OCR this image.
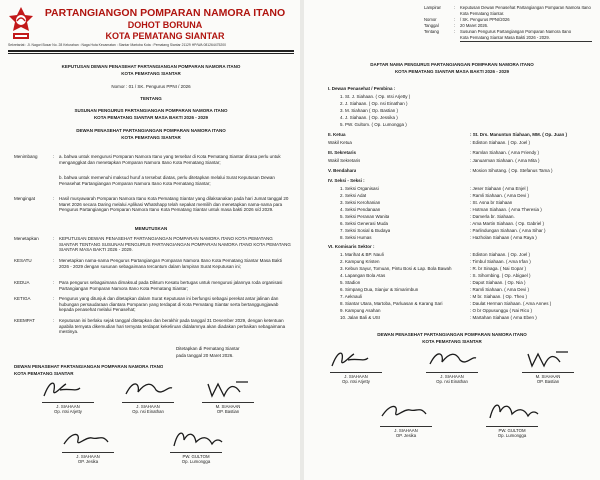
PARTANGIANGON POMPARAN NAMORA ITANO
DOHOT BORUNA
KOTA PEMATANG SIANTAR
Sekretariat : Jl. Nagori Bosar No. 28 Kelurahan : Naga Huta Kecamatan : Siantar Martoba Kota : Pematang Siantar 21129 HP/WA 081264475200
KEPUTUSAN DEWAN PENASEHAT PARTANGIANGAN POMPARAN NAMORA ITANO
KOTA PEMATANG SIANTAR
Nomor : 01 / SK. Pengurus PPNI / 2026
TENTANG
SUSUNAN PENGURUS PARTANGIANGAN POMPARAN NAMORA ITANO
KOTA PEMATANG SIANTAR MASA BAKTI 2026 - 2029
DEWAN PENASEHAT PARTANGIANGAN POMPARAN NAMORA ITANO
KOTA PEMATANG SIANTAR
Menimbang	: a. bahwa untuk mengurusi Pomparan Namora Itano yang tersebar di Kota Pematang Siantar dirasa perlu untuk menganggkat dan menetapkan Pomparan Namora Itano Kota Pematang Siantar;
b. bahwa untuk memenuhi maksud huruf a tersebut diatas, perlu ditetapkan melalui Surat Keputusan Dewan Penasehat Partangiangan Pomparan Namora Itano Kota Pematang Siantar;
Mengingat	: Hasil musyawarah Pomparan Namora Itano Kota Pematang Siantar yang dilaksanakan pada hari Jumat tanggal 20 Maret 2026 secara Daring melalui Aplikasi Whatshapp telah sepakat memilih dan menetapkan nama-nama para Pengurus Partangiangan Pomparan Namora Itano Kota Pematang Siantar untuk masa bakti 2026 s/d 2029.
MEMUTUSKAN
Menetapkan	: KEPUTUSAN DEWAN PENASEHAT PARTANGIANGAN POMPARAN NAMORA ITANO KOTA PEMATANG SIANTAR TENTANG SUSUNAN PENGURUS PARTANGIANGAN POMPARAN NAMORA ITANO KOTA PEMATANG SIANTAR MASA BAKTI 2026 - 2029.
KESATU	: Menetapkan nama-nama Pengurus Partangiangan Pomparan Namora Itano Kota Pematang Siantar Masa Bakti 2026 - 2029 dengan susunan sebagaimana tercantum dalam lampiran Surat Keputusan ini;
KEDUA	: Para pengurus sebagaimana dimaksud pada Diktum Kesatu bertugas untuk mengurusi jalannya roda organisasi Partangiangan Pomparan Namora Itano Kota Pematang Siantar;
KETIGA	: Pengurus yang ditunjuk dan ditetapkan dalam Surat Keputusan ini berfungsi sebagai perekat antar jalinan dan hubungan persaudaraan diantara Pomparan yang terdapat di Kota Pematang Siantar serta bertanggungjawab kepada penasehat melalui Penasehat;
KEEMPAT	: Keputusan ini berlaku sejak tanggal ditetapkan dan berakhir pada tanggal 31 Desember 2029, dengan ketentuan apabila ternyata dikemudian hari ternyata terdapat kekeliruan didalamnya akan diadakan perbaikan sebagaimana mestinya.
Ditetapkan di Pematang Siantar
pada tanggal 20 Maret 2026.
DEWAN PENASEHAT PARTANGIANGAN POMPARAN NAMORA ITANO
KOTA PEMATANG SIANTAR
J. SIAHAAN
Op. ntsi Arjetty
J. SIAHAAN
Op. nsi Einathan
M. SIAHAAN
OP. Bastian
J. SIAHAAN
OP. Jesika
PW. GULTOM
Op. Lumongga
Lampiran	: Keputusan Dewan Penasehat Partangiangan Pomparan Namora Itano
Kota Pematang Siantar.
Nomor	: / SK. Pengurus PPNI/2026
Tanggal	: 20 Maret 2026.
Tentang	: Susunan Pengurus Partangiangan Pomparan Namora Itano
Kota Pematang Siantar Masa Bakti 2026 - 2029.
DAFTAR NAMA PENGURUS PARTANGIANGAN POMPARAN NAMORA ITANO
KOTA PEMATANG SIANTAR MASA BAKTI 2026 - 2029
I. Dewan Penasehat / Pembina :
1. St. J. Siahaan. ( Op. ntsi Arjetty )
2. J. Siahaan. ( Op. nsi Einathan )
3. M. Siahaan ( Op. Bastian )
4. J. Siahaan. ( Op. Jessika )
5. PW. Gultom. ( Op. Lumongga )
II. Ketua	: St. Drs. Manuntun Siahaan, MM. ( Op. Juan )
Wakil Ketua	: Ediston Siahaan. ( Op. Joel )
III. Sekretaris	: Ramlan Siahaan. ( Ama Friendy )
Wakil Sekretaris	: Januarman Siahaan. ( Ama Mita )
V. Bendahara	: Mosion Sihotang. ( Op. Stefanus Tama )
IV. Seksi - Seksi :
1. Seksi Organisasi	: Jeser Siahaan ( Ama Enjel )
2. Seksi Adat	: Ramli Siahaan. ( Ama Devi )
3. Seksi Kerohanian	: St. Asna br Siahaan
4. Seksi Pendanaan	: Hotman Siahaan. ( Ama Theresia )
5. Seksi Peranan Wanita	: Damerla br. Siahaan.
6. Seksi Generasi Muda	: Ama Martin Siahaan. ( Op. Gabriel )
7. Seksi Sosial & Budaya	: Parlindungan Siahaan. ( Ama Sihar )
8. Seksi Humas	: Hazholan Siahaan ( Ama Raya )
VI. Komisaris Sektor :
1. Marihat & BP. Nauli	: Ediston Siahaan. ( Op. Joel )
2. Kampung Kristen	: Timbul Siahaan. ( Ama Irfan )
3. Kebun Sayur, Tomuan, Pintu Bosi & Lap. Bola Bawah	: R. br Sinaga. ( Nai Gopar )
4. Lapangan Bola Atas	: S. Sihombing. ( Op. Abigael )
5. Stadion	: Dapot Siahaan. ( Op. Nia )
6. Simpang Dua, Sianjur & Simarimbun	: Ramli Siahaan. ( Ama Devi )
7. Aeknauli	: M br. Siahaan. ( Op. Theo )
8. Siantar Utara, Martoba, Parluasan & Karang Sari	: Daulat Herman Siahaan. ( Ama Annes )
9. Kampung Asahan	: O br Oppusunggu ( Nai Rico )
10. Jalan Bali & USI	: Martahan Siahaan ( Ama Eben )
DEWAN PENASEHAT PARTANGIANGAN POMPARAN NAMORA ITANO
KOTA PEMATANG SIANTAR
J. SIAHAAN
Op. ntsi Arjetty
J. SIAHAAN
Op. nsi Einathan
M. SIAHAAN
OP. Bastian
J. SIAHAAN
OP. Jesika
PW. GULTOM
Op. Lumongga
